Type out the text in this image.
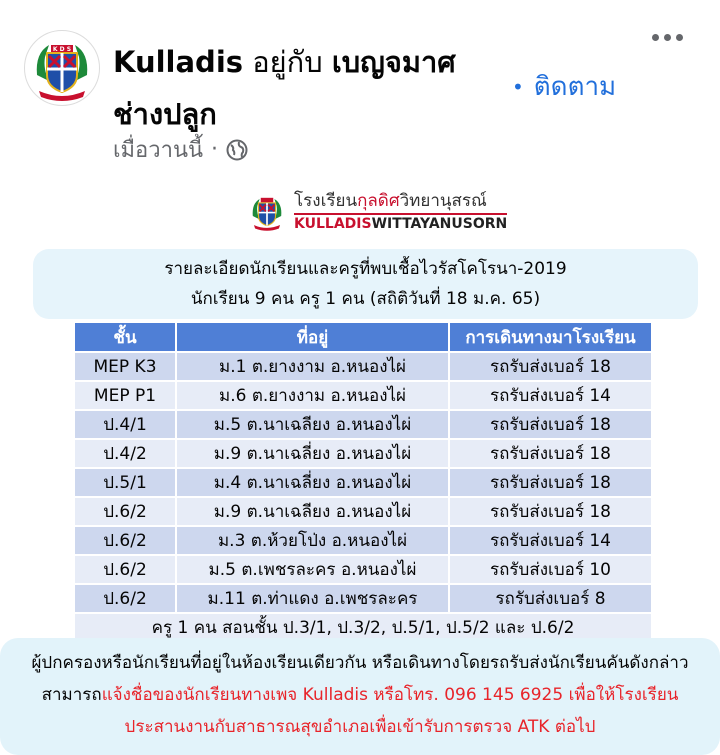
K D S Kulladis อยู่กับ เบญจมาศ ช่างปลูก
เมื่อวานนี้ ·
• ติดตาม
โรงเรียนกุลดิศวิทยานุสรณ์
KULLADISWITTAYANUSORN
รายละเอียดนักเรียนและครูที่พบเชื้อไวรัสโคโรนา-2019
นักเรียน 9 คน ครู 1 คน (สถิติวันที่ 18 ม.ค. 65)
ชั้น	ที่อยู่	การเดินทางมาโรงเรียน
MEP K3	ม.1 ต.ยางงาม อ.หนองไผ่	รถรับส่งเบอร์ 18
MEP P1	ม.6 ต.ยางงาม อ.หนองไผ่	รถรับส่งเบอร์ 14
ป.4/1	ม.5 ต.นาเฉลียง อ.หนองไผ่	รถรับส่งเบอร์ 18
ป.4/2	ม.9 ต.นาเฉลี่ยง อ.หนองไผ่	รถรับส่งเบอร์ 18
ป.5/1	ม.4 ต.นาเฉลี่ยง อ.หนองไผ่	รถรับส่งเบอร์ 18
ป.6/2	ม.9 ต.นาเฉลียง อ.หนองไผ่	รถรับส่งเบอร์ 18
ป.6/2	ม.3 ต.ห้วยโป่ง อ.หนองไผ่	รถรับส่งเบอร์ 14
ป.6/2	ม.5 ต.เพชรละคร อ.หนองไผ่	รถรับส่งเบอร์ 10
ป.6/2	ม.11 ต.ท่าแดง อ.เพชรละคร	รถรับส่งเบอร์ 8
ครู 1 คน สอนชั้น ป.3/1, ป.3/2, ป.5/1, ป.5/2 และ ป.6/2		
ผู้ปกครองหรือนักเรียนที่อยู่ในห้องเรียนเดียวกัน หรือเดินทางโดยรถรับส่งนักเรียนคันดังกล่าว
สามารถแจ้งชื่อของนักเรียนทางเพจ Kulladis หรือโทร. 096 145 6925 เพื่อให้โรงเรียน
ประสานงานกับสาธารณสุขอำเภอเพื่อเข้ารับการตรวจ ATK ต่อไป
